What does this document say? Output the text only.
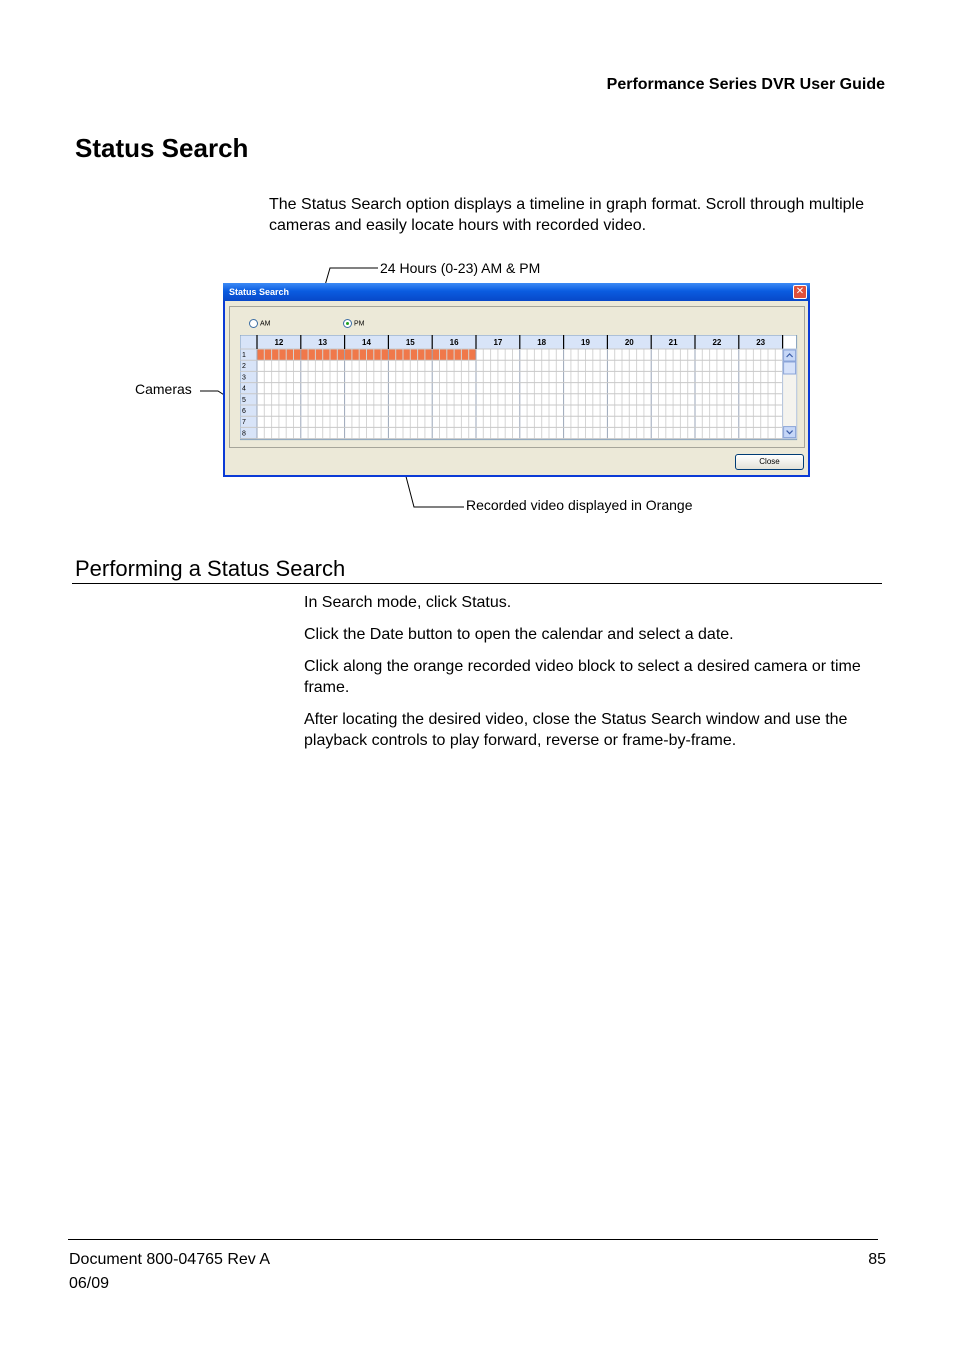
Performance Series DVR User Guide
Status Search
The Status Search option displays a timeline in graph format. Scroll through multiple cameras and easily locate hours with recorded video.
24 Hours (0-23) AM & PM
Cameras
Recorded video displayed in Orange
Status Search	✕
AM	PM
12	13	14	15	16	17	18	19	20	21	22	23
1
2
3
4
5
6
7
8
Close
Performing a Status Search
In Search mode, click Status.
Click the Date button to open the calendar and select a date.
Click along the orange recorded video block to select a desired camera or time frame.
After locating the desired video, close the Status Search window and use the playback controls to play forward, reverse or frame-by-frame.
Document 800-04765 Rev A
06/09
85
